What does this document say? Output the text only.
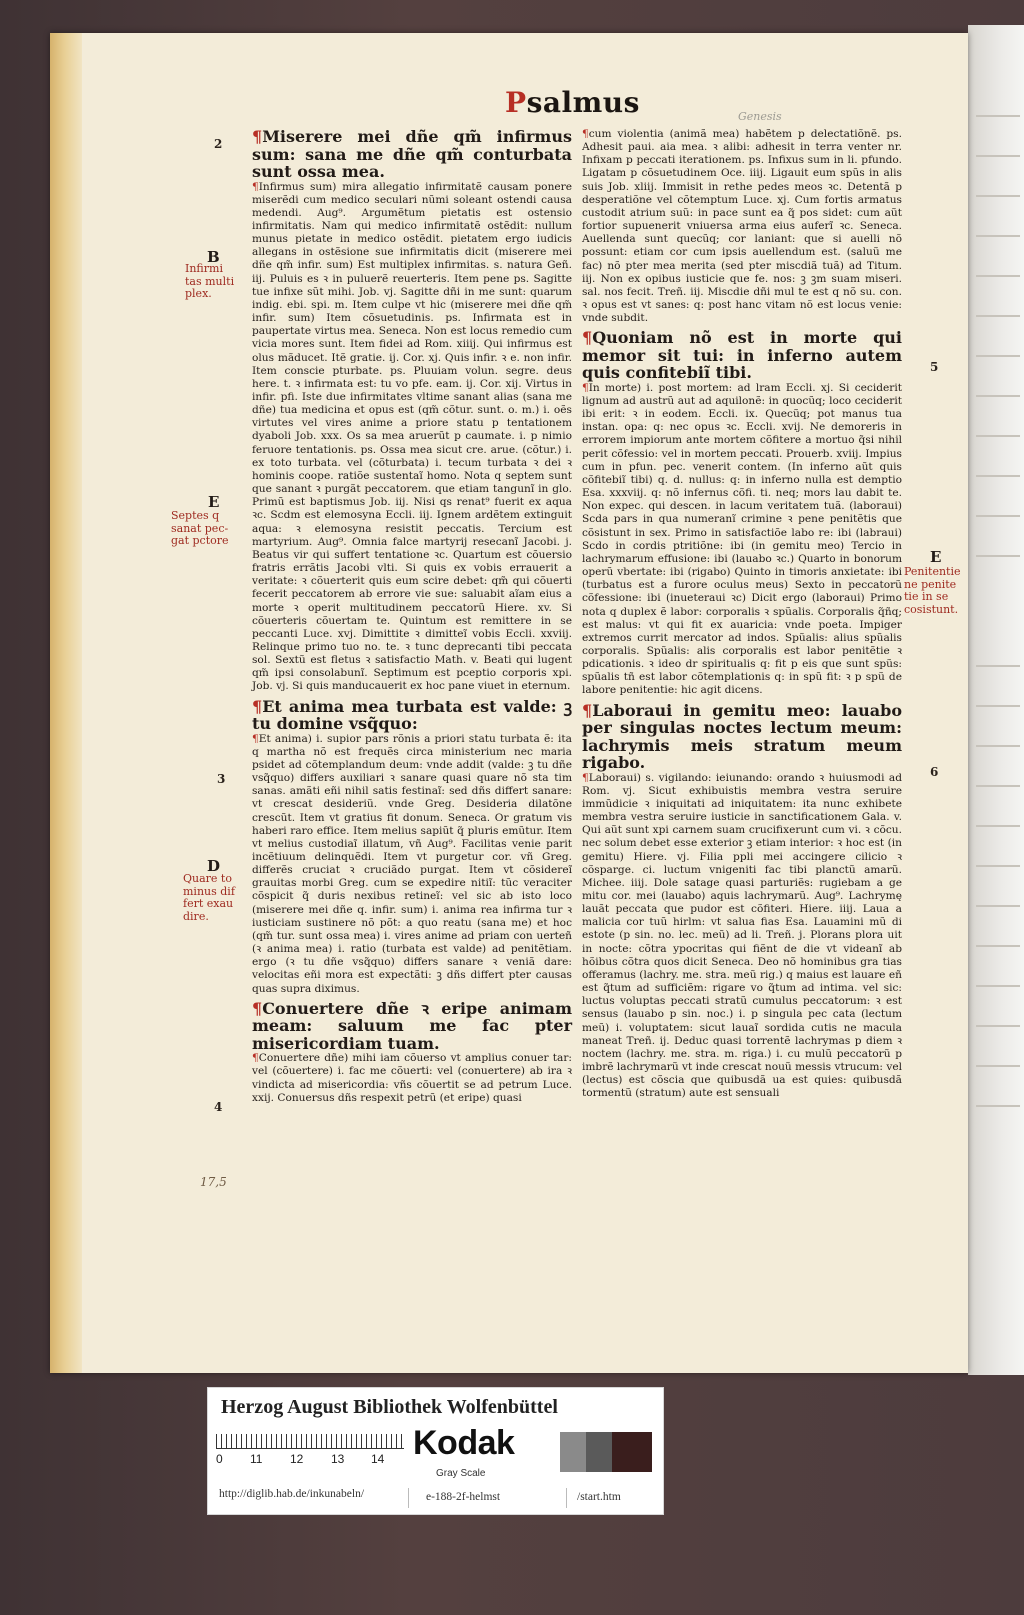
Psalmus	Genesis
2
3
4
5
6
B
Infirmi
tas multi
plex.
E
Septes q
sanat pec-
gat pctore
D
Quare to
minus dif
fert exau
dire.
E
Penitentie
ne penite
tie in se
cosistunt.
17,5

¶Miserere mei dñe qm̃ infirmus sum: sana me dñe qm̃ conturbata sunt ossa mea.

¶Infirmus sum) mira allegatio infirmitatẽ causam ponere miserẽdi cum medico seculari nũmi soleant ostendi causa medendi. Aug⁹. Argumẽtum pietatis est ostensio infirmitatis. Nam qui medico infirmitatẽ ostẽdit: nullum munus pietate in medico ostẽdit. pietatem ergo iudicis allegans in ostẽsione sue infirmitatis dicit (miserere mei dñe qm̃ infir. sum) Est multiplex infirmitas. s. natura Geñ. iij. Puluis es ꝛ in puluerẽ reuerteris. Item pene ps. Sagitte tue infixe sũt mihi. Job. vj. Sagitte dñi in me sunt: quarum indig. ebi. spi. m. Item culpe vt hic (miserere mei dñe qm̃ infir. sum) Item cõsuetudinis. ps. Infirmata est in paupertate virtus mea. Seneca. Non est locus remedio cum vicia mores sunt. Item fidei ad Rom. xiiij. Qui infirmus est olus mãducet. Itẽ gratie. ij. Cor. xj. Quis infir. ꝛ e. non infir. Item conscie pturbate. ps. Pluuiam volun. segre. deus here. t. ꝛ infirmata est: tu vo pfe. eam. ij. Cor. xij. Virtus in infir. pfi. Iste due infirmitates vltime sanant alias (sana me dñe) tua medicina et opus est (qm̃ cõtur. sunt. o. m.) i. oẽs virtutes vel vires anime a priore statu p tentationem dyaboli Job. xxx. Os sa mea aruerũt p caumate. i. p nimio feruore tentationis. ps. Ossa mea sicut cre. arue. (cõtur.) i. ex toto turbata. vel (cõturbata) i. tecum turbata ꝛ dei ꝛ hominis coope. ratiõe sustentaĩ homo. Nota q septem sunt que sanant ꝛ purgãt peccatorem. que etiam tangunĩ in glo. Primũ est baptismus Job. iij. Nisi qs renat⁹ fuerit ex aqua ꝛc. Scdm est elemosyna Eccli. iij. Ignem ardẽtem extinguit aqua: ꝛ elemosyna resistit peccatis. Tercium est martyrium. Aug⁹. Omnia falce martyrij resecanĩ Jacobi. j. Beatus vir qui suffert tentatione ꝛc. Quartum est cõuersio fratris errãtis Jacobi vlti. Si quis ex vobis errauerit a veritate: ꝛ cõuerterit quis eum scire debet: qm̃ qui cõuerti fecerit peccatorem ab errore vie sue: saluabit aĩam eius a morte ꝛ operit multitudinem peccatorũ Hiere. xv. Si cõuerteris cõuertam te. Quintum est remittere in se peccanti Luce. xvj. Dimittite ꝛ dimitteĩ vobis Eccli. xxviij. Relinque primo tuo no. te. ꝛ tunc deprecanti tibi peccata sol. Sextũ est fletus ꝛ satisfactio Math. v. Beati qui lugent qm̃ ipsi consolabunĩ. Septimum est pceptio corporis xpi. Job. vj. Si quis manducauerit ex hoc pane viuet in eternum.

¶Et anima mea turbata est valde: ꝫ tu domine vsq̃quo:

¶Et anima) i. supior pars rõnis a priori statu turbata ẽ: ita q martha nõ est frequẽs circa ministerium nec maria psidet ad cõtemplandum deum: vnde addit (valde: ꝫ tu dñe vsq̃quo) differs auxiliari ꝛ sanare quasi quare nõ sta tim sanas. amãti eñi nihil satis festinaĩ: sed dñs differt sanare: vt crescat desideriũ. vnde Greg. Desideria dilatõne crescũt. Item vt gratius fit donum. Seneca. Or gratum vis haberi raro effice. Item melius sapiũt q̃ pluris emũtur. Item vt melius custodiaĩ illatum, vñ Aug⁹. Facilitas venie parit incẽtiuum delinquẽdi. Item vt purgetur cor. vñ Greg. differẽs cruciat ꝛ cruciãdo purgat. Item vt cõsidereĩ grauitas morbi Greg. cum se expedire nitiĩ: tũc veraciter cõspicit q̃ duris nexibus retineĩ: vel sic ab isto loco (miserere mei dñe q. infir. sum) i. anima rea infirma tur ꝛ iusticiam sustinere nõ põt: a quo reatu (sana me) et hoc (qm̃ tur. sunt ossa mea) i. vires anime ad priam con uerteñ (ꝛ anima mea) i. ratio (turbata est valde) ad penitẽtiam. ergo (ꝛ tu dñe vsq̃quo) differs sanare ꝛ veniã dare: velocitas eñi mora est expectãti: ꝫ dñs differt pter causas quas supra diximus.

¶Conuertere dñe ꝛ eripe animam meam: saluum me fac pter misericordiam tuam.

¶Conuertere dñe) mihi iam cõuerso vt amplius conuer tar: vel (cõuertere) i. fac me cõuerti: vel (conuertere) ab ira ꝛ vindicta ad misericordia: vñs cõuertit se ad petrum Luce. xxij. Conuersus dñs respexit petrũ (et eripe) quasi

¶cum violentia (animã mea) habẽtem p delectatiõnẽ. ps. Adhesit paui. aia mea. ꝛ alibi: adhesit in terra venter nr. Infixam p peccati iterationem. ps. Infixus sum in li. pfundo. Ligatam p cõsuetudinem Oce. iiij. Ligauit eum spũs in alis suis Job. xliij. Immisit in rethe pedes meos ꝛc. Detentã p desperatiõne vel cõtemptum Luce. xj. Cum fortis armatus custodit atrium suũ: in pace sunt ea q̃ pos sidet: cum aũt fortior supuenerit vniuersa arma eius auferĩ ꝛc. Seneca. Auellenda sunt quecũq; cor laniant: que si auelli nõ possunt: etiam cor cum ipsis auellendum est. (saluũ me fac) nõ pter mea merita (sed pter miscdiã tuã) ad Titum. iij. Non ex opibus iusticie que fe. nos: ꝫ ꝫm suam miseri. sal. nos fecit. Treñ. iij. Miscdie dñi mul te est q nõ su. con. ꝛ opus est vt sanes: q: post hanc vitam nõ est locus venie: vnde subdit.

¶Quoniam nõ est in morte qui memor sit tui: in inferno autem quis confitebiĩ tibi.

¶In morte) i. post mortem: ad lram Eccli. xj. Si ceciderit lignum ad austrũ aut ad aquilonẽ: in quocũq; loco ceciderit ibi erit: ꝛ in eodem. Eccli. ix. Quecũq; pot manus tua instan. opa: q: nec opus ꝛc. Eccli. xvij. Ne demoreris in errorem impiorum ante mortem cõfitere a mortuo q̃si nihil perit cõfessio: vel in mortem peccati. Prouerb. xviij. Impius cum in pfun. pec. venerit contem. (In inferno aũt quis cõfitebiĩ tibi) q. d. nullus: q: in inferno nulla est demptio Esa. xxxviij. q: nõ infernus cõfi. ti. neq; mors lau dabit te. Non expec. qui descen. in lacum veritatem tuã. (laboraui) Scda pars in qua numeranĩ crimine ꝛ pene penitẽtis que cõsistunt in sex. Primo in satisfactiõe labo re: ibi (labraui) Scdo in cordis ptritiõne: ibi (in gemitu meo) Tercio in lachrymarum effusione: ibi (lauabo ꝛc.) Quarto in bonorum operũ vbertate: ibi (rigabo) Quinto in timoris anxietate: ibi (turbatus est a furore oculus meus) Sexto in peccatorũ cõfessione: ibi (inueteraui ꝛc) Dicit ergo (laboraui) Primo nota q duplex ẽ labor: corporalis ꝛ spũalis. Corporalis q̃ñq; est malus: vt qui fit ex auaricia: vnde poeta. Impiger extremos currit mercator ad indos. Spũalis: alius spũalis corporalis. Spũalis: alis corporalis est labor penitẽtie ꝛ pdicationis. ꝛ ideo dr spiritualis q: fit p eis que sunt spũs: spũalis tñ est labor cõtemplationis q: in spũ fit: ꝛ p spũ de labore penitentie: hic agit dicens.

¶Laboraui in gemitu meo: lauabo per singulas noctes lectum meum: lachrymis meis stratum meum rigabo.

¶Laboraui) s. vigilando: ieiunando: orando ꝛ huiusmodi ad Rom. vj. Sicut exhibuistis membra vestra seruire immũdicie ꝛ iniquitati ad iniquitatem: ita nunc exhibete membra vestra seruire iusticie in sanctificationem Gala. v. Qui aũt sunt xpi carnem suam crucifixerunt cum vi. ꝛ cõcu. nec solum debet esse exterior ꝫ etiam interior: ꝛ hoc est (in gemitu) Hiere. vj. Filia ppli mei accingere cilicio ꝛ cõsparge. ci. luctum vnigeniti fac tibi planctũ amarũ. Michee. iiij. Dole satage quasi parturiẽs: rugiebam a ge mitu cor. mei (lauabo) aquis lachrymarũ. Aug⁹. Lachrymę lauãt peccata que pudor est cõfiteri. Hiere. iiij. Laua a malicia cor tuũ hirlm: vt salua fias Esa. Lauamini mũ di estote (p sin. no. lec. meũ) ad li. Treñ. j. Plorans plora uit in nocte: cõtra ypocritas qui fiẽnt de die vt videanĩ ab hõibus cõtra quos dicit Seneca. Deo nõ hominibus gra tias offeramus (lachry. me. stra. meũ rig.) q maius est lauare eñ est q̃tum ad sufficiẽm: rigare vo q̃tum ad intima. vel sic: luctus voluptas peccati stratũ cumulus peccatorum: ꝛ est sensus (lauabo p sin. noc.) i. p singula pec cata (lectum meũ) i. voluptatem: sicut lauaĩ sordida cutis ne macula maneat Treñ. ij. Deduc quasi torrentẽ lachrymas p diem ꝛ noctem (lachry. me. stra. m. riga.) i. cu mulũ peccatorũ p imbrẽ lachrymarũ vt inde crescat nouũ messis vtrucum: vel (lectus) est cõscia que quibusdã ua est quies: quibusdã tormentũ (stratum) aute est sensuali

Herzog August Bibliothek Wolfenbüttel
0 11 12 13 14 Kodak
Gray Scale
http://diglib.hab.de/inkunabeln/	e-188-2f-helmst	/start.htm
